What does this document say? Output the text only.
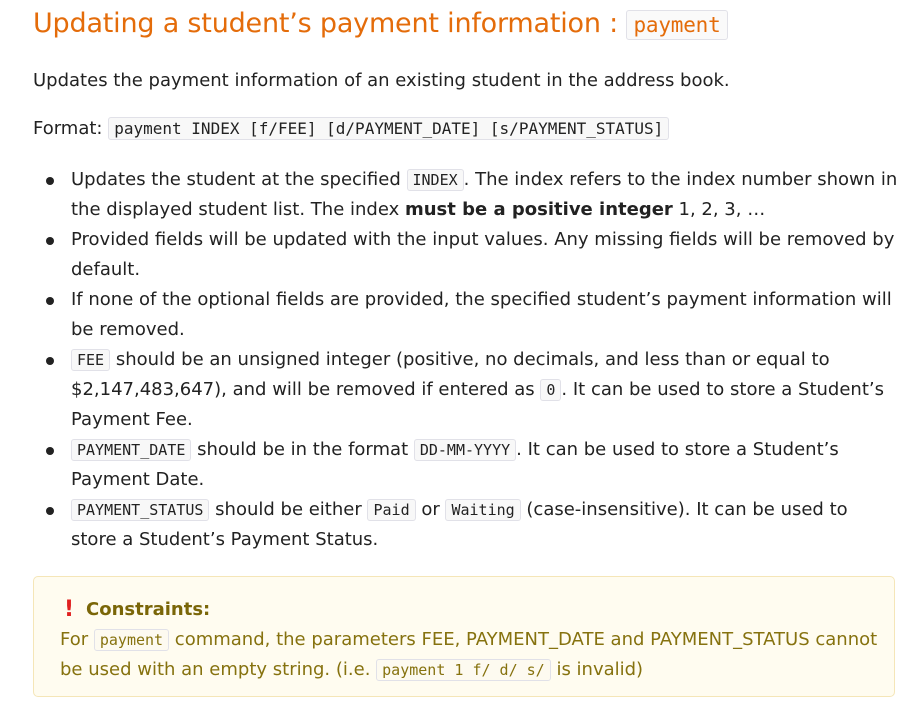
Updating a student’s payment information : payment

Updates the payment information of an existing student in the address book.

Format: payment INDEX [f/FEE] [d/PAYMENT_DATE] [s/PAYMENT_STATUS]

Updates the student at the specified INDEX . The index refers to the index number shown in the displayed student list. The index must be a positive integer 1, 2, 3, …
Provided fields will be updated with the input values. Any missing fields will be removed by default.
If none of the optional fields are provided, the specified student’s payment information will be removed.
FEE should be an unsigned integer (positive, no decimals, and less than or equal to $2,147,483,647), and will be removed if entered as 0 . It can be used to store a Student’s Payment Fee.
PAYMENT_DATE should be in the format DD-MM-YYYY . It can be used to store a Student’s Payment Date.
PAYMENT_STATUS should be either Paid or Waiting (case-insensitive). It can be used to store a Student’s Payment Status.
! Constraints:
For payment command, the parameters FEE, PAYMENT_DATE and PAYMENT_STATUS cannot be used with an empty string. (i.e. payment 1 f/ d/ s/ is invalid)
